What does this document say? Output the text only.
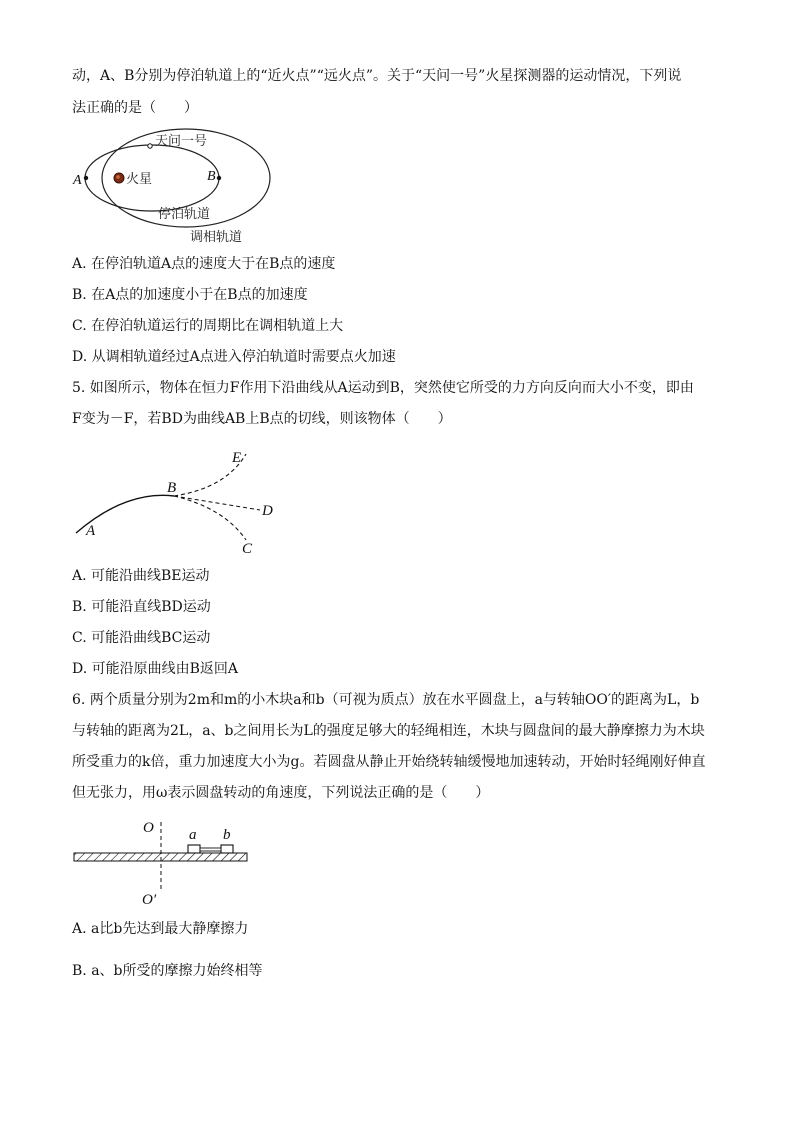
动，A、B分别为停泊轨道上的“近火点”“远火点”。关于“天问一号”火星探测器的运动情况，下列说
法正确的是（　　）
天问一号
火星
A	B
停泊轨道
调相轨道
A. 在停泊轨道A点的速度大于在B点的速度
B. 在A点的加速度小于在B点的加速度
C. 在停泊轨道运行的周期比在调相轨道上大
D. 从调相轨道经过A点进入停泊轨道时需要点火加速
5. 如图所示，物体在恒力F作用下沿曲线从A运动到B，突然使它所受的力方向反向而大小不变，即由
F变为－F，若BD为曲线AB上B点的切线，则该物体（　　）
A
B
C
D
E
A. 可能沿曲线BE运动
B. 可能沿直线BD运动
C. 可能沿曲线BC运动
D. 可能沿原曲线由B返回A
6. 两个质量分别为2m和m的小木块a和b（可视为质点）放在水平圆盘上，a与转轴OO′的距离为L，b
与转轴的距离为2L，a、b之间用长为L的强度足够大的轻绳相连，木块与圆盘间的最大静摩擦力为木块
所受重力的k倍，重力加速度大小为g。若圆盘从静止开始绕转轴缓慢地加速转动，开始时轻绳刚好伸直
但无张力，用ω表示圆盘转动的角速度，下列说法正确的是（　　）
O
O′
a b
A. a比b先达到最大静摩擦力
B. a、b所受的摩擦力始终相等
